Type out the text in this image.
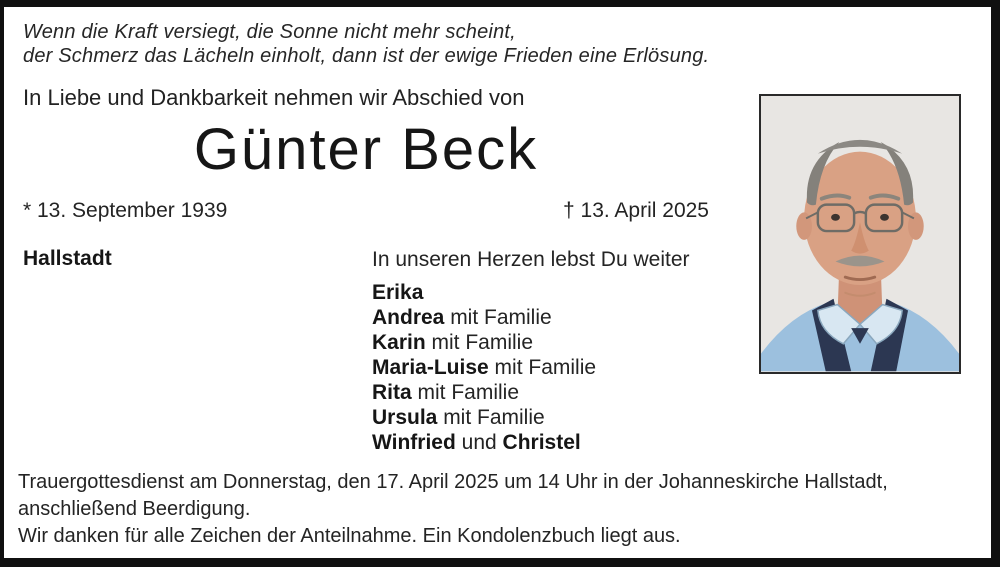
Wenn die Kraft versiegt, die Sonne nicht mehr scheint,
der Schmerz das Lächeln einholt, dann ist der ewige Frieden eine Erlösung.
In Liebe und Dankbarkeit nehmen wir Abschied von
Günter Beck
* 13. September 1939	† 13. April 2025
Hallstadt	In unseren Herzen lebst Du weiter
Erika
Andrea mit Familie
Karin mit Familie
Maria-Luise mit Familie
Rita mit Familie
Ursula mit Familie
Winfried und Christel
Trauergottesdienst am Donnerstag, den 17. April 2025 um 14 Uhr in der Johanneskirche Hallstadt,
anschließend Beerdigung.
Wir danken für alle Zeichen der Anteilnahme. Ein Kondolenzbuch liegt aus.
